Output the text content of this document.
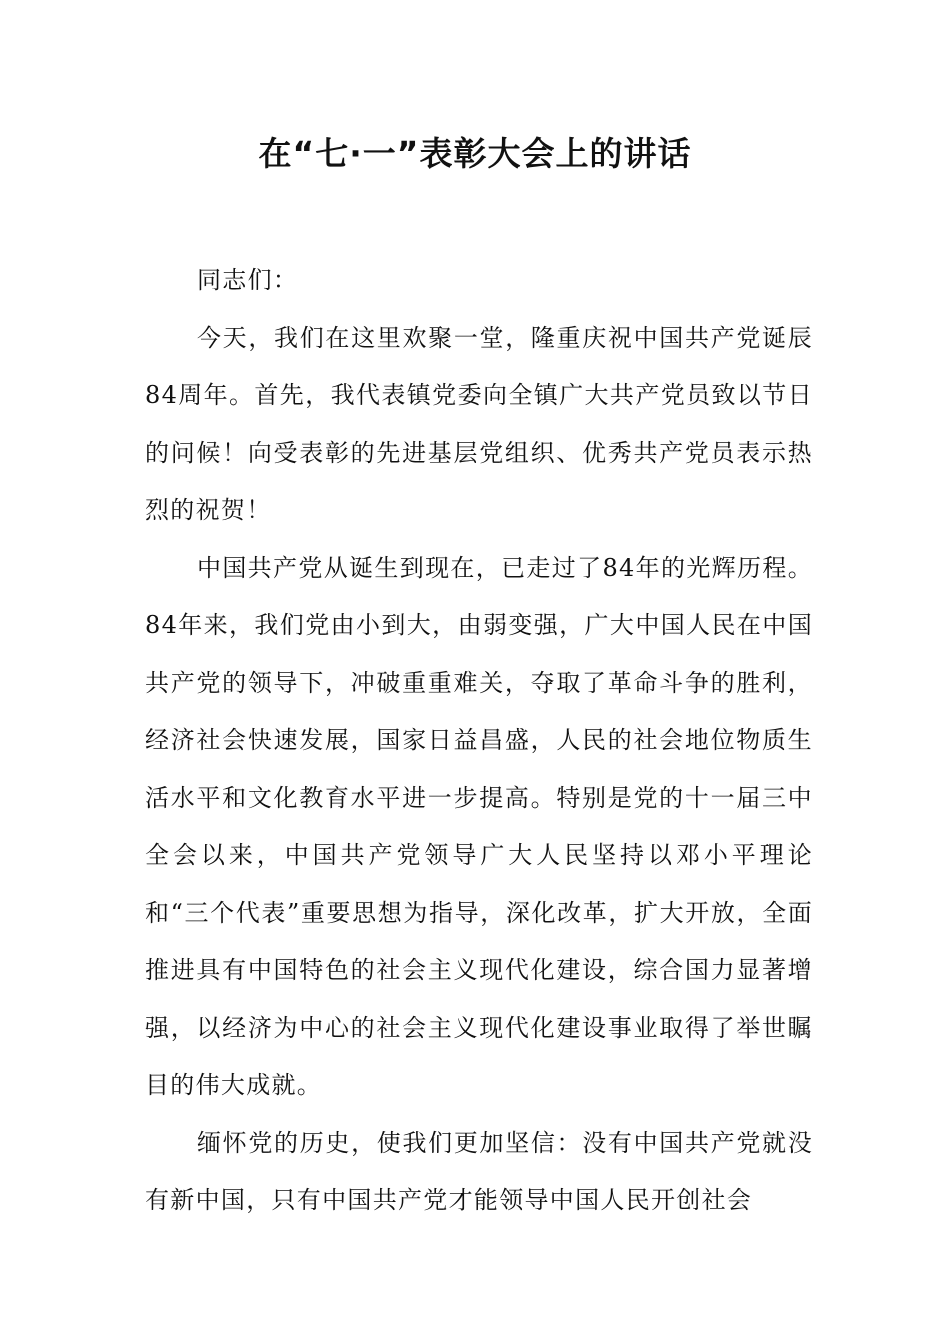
在“七·一”表彰大会上的讲话

同志们：

今天，我们在这里欢聚一堂，隆重庆祝中国共产党诞辰84周年。首先，我代表镇党委向全镇广大共产党员致以节日的问候！向受表彰的先进基层党组织、优秀共产党员表示热烈的祝贺！

中国共产党从诞生到现在，已走过了84年的光辉历程。84年来，我们党由小到大，由弱变强，广大中国人民在中国共产党的领导下，冲破重重难关，夺取了革命斗争的胜利，经济社会快速发展，国家日益昌盛，人民的社会地位物质生活水平和文化教育水平进一步提高。特别是党的十一届三中全会以来，中国共产党领导广大人民坚持以邓小平理论和“三个代表”重要思想为指导，深化改革，扩大开放，全面推进具有中国特色的社会主义现代化建设，综合国力显著增强，以经济为中心的社会主义现代化建设事业取得了举世瞩目的伟大成就。

缅怀党的历史，使我们更加坚信：没有中国共产党就没有新中国，只有中国共产党才能领导中国人民开创社会
